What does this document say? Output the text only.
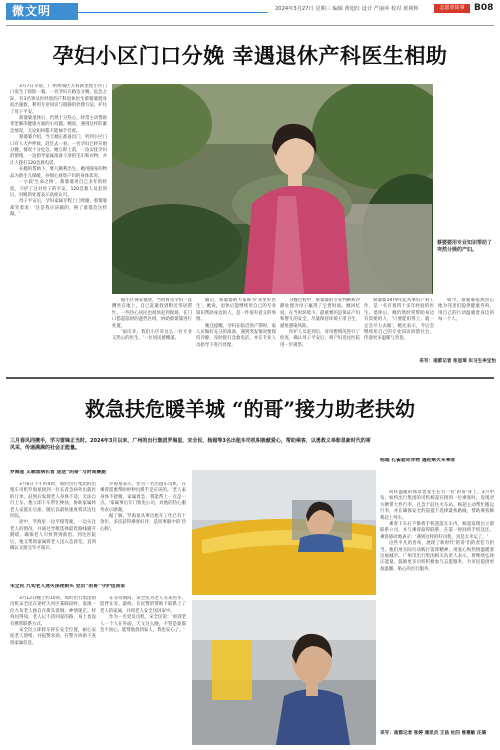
微文明	2024年3月27日 星期三 编辑 黄旭红 设计 严丽萍 校对 黄利辉	志愿者故事	B08
孕妇小区门口分娩 幸遇退休产科医生相助

3月7日早晨，广州黄埔区万科新里程小区门口发生了惊险一幕，一名孕妇在路边分娩，危急之际，有3名事从医经验的产科退休医生蔡婆婆挺身而出施救，利用专业知识与镇静的处理方法，护住了母子平安。

蔡婆婆退休后，仍然十分热心，经常主动帮助邻里解决健康方面的小问题。她说，遇到这样的紧急情况，无论如何都不能袖手旁观。

蔡婆婆介绍，当天她正准备出门，听到小区门口有人大声呼救，赶过去一看，一名孕妇已经开始分娩，情况十分危急。她立即上前，一边安抚孕妇的情绪，一边指导家属准备干净的毛巾和衣物，并让人拨打120急救电话。

在她的帮助下，婴儿顺利出生。她用随身的物品为新生儿保暖，并细心观察产妇的身体状况。

一小段'生命之桥'，蔡婆婆用自己多年的经验，守护了这对母子的平安。120急救人员赶到后，对她的处置表示高度认可。

母子平安后，孕妇家属专程上门致谢，蔡婆婆却笑着说：'这是我应该做的，换了谁都会这样做。'

蔡婆婆用专业知识帮助了突然分娩的产妇。

据小区保安描述，当时看见孕妇一直蹲坐在地上，自己赶紧找到附近邻居帮忙，一些热心居民也很快赶到现场，在门口搭起临时的遮挡区域，协助蔡婆婆进行处置。

'很庆幸，我们小区有这么一位专业又热心的医生。'一位居民感慨道。

随后，蔡婆婆被大家称为'邻里好医生'。她说，退休后能继续用自己的专业知识帮助身边的人，是一件很有意义的事情。

她还提醒，孕妇在临近预产期时，家人应做好充分的准备，遇到突发情况要保持冷静，及时拨打急救电话，并在专业人员指导下进行处理。

分娩过程中，蔡婆婆的专业判断和冷静处理为母子赢得了宝贵时间。她回忆说，在当时环境下，最重要的是保证产妇和婴儿的安全，尽量保持环境干净卫生，避免感染风险。

医护人员赶到后，对母婴情况进行了检查，确认母子平安后，将产妇送往医院进一步观察。

蔡婆婆1979年起从事妇产科工作，是一名有着四十多年经验的医生。退休后，她仍然时常帮助身边有需要的人，'只要能用得上，就一定会尽力去做'。她还表示，今后会继续用自己的专业知识回馈社会，传递更多温暖与善意。

如今，蔡婆婆依然热心地为邻里们提供健康咨询，用自己的行动温暖着身边的每一个人。

采写：南都记者 张思琦 实习生李宝怡
救急扶危暖羊城 “的哥”接力助老扶幼
三月春风同携手，学习雷锋正当时。2024年3月以来，广州的出行集团罗海星、宋全民、杨超等3名出租车司机积极献爱心，帮助乘客，以勇救义举彰显新时代的哥风采，传递满满的社会正能量。

罗海星 义载急病长者 迎送“的哥”与时间赛跑

3月6日下午约4时，如约出行集团的出租车司机罗海星接到一位长者急病外出就医的订单，赶到后发现老人身体不适，无法自行上车。他立即下车帮忙搀扶，协助家属将老人安置在后座，随后以最快速度将其送往医院。

途中，罗海星一边平稳驾驶，一边关注老人的情况，并通过导航选择最优路线避开拥堵，确保老人尽快得到救治。到达医院后，他又帮助家属将老人送入急诊室，直到确认交接完毕才离开。

罗海星表示，作为一名出租车司机，在乘客需要帮助时伸出援手是应该的。'老人家身体不舒服，家属着急，我能帮上一点是一点。'家属事后专门致电公司，对他的热心服务表示感谢。

据了解，罗海星从事出租车工作已有十余年，多次获得乘客好评，是同事眼中的'热心肠'。

宋全民 九旬老人迷失深夜街头 党员“的哥”守护送回家

3月12日晚上约10时，如约出行集团的司机宋全民在途经天河区某路段时，发现一位九旬老人独自在街头徘徊，神情迷茫。经询问得知，老人记不清回家的路，身上也没有携带联系方式。

宋全民立即将车停在安全位置，耐心安抚老人情绪，并报警求助，在警方协助下查找家属信息。

在等待期间，宋全民为老人买来热水，陪伴在旁。最终，在民警的帮助下联系上了老人的家属，并将老人安全送回家中。

作为一名党员司机，宋全民说：'看到老人一个人在外面，天又这么晚，不管是谁都会不放心。能帮他找到家人，我也安心了。'

杨超 孔雀装奇异物 遇赶乘火车乘客

同样温暖的场景也发生在另一位'的哥'身上。3月中旬，如约出行集团的司机杨超在接到一位乘客时，发现对方携带大件行李，且急于赶往火车站。杨超主动帮忙搬运行李，并在确保安全的前提下选择最快路线，帮助乘客顺利赶上列车。

乘客下车后不慎将手机遗落在车内，杨超发现后立即联系公司，并与乘客取得联系，在第一时间将手机送还。乘客感动地表示：'遇到这样的好司机，真是太幸运了。'

这些平凡的善举，展现了新时代'的哥'们的责任与担当。他们用实际行动践行雷锋精神，用爱心和热情温暖着这座城市。广州市出行集团相关负责人表示，将继续弘扬正能量，鼓励更多司机积极参与志愿服务，为市民提供更加温馨、贴心的出行服务。

采写：南都记者 张婷 通讯员 王昌 杜四 曾惠敏 汪婧
